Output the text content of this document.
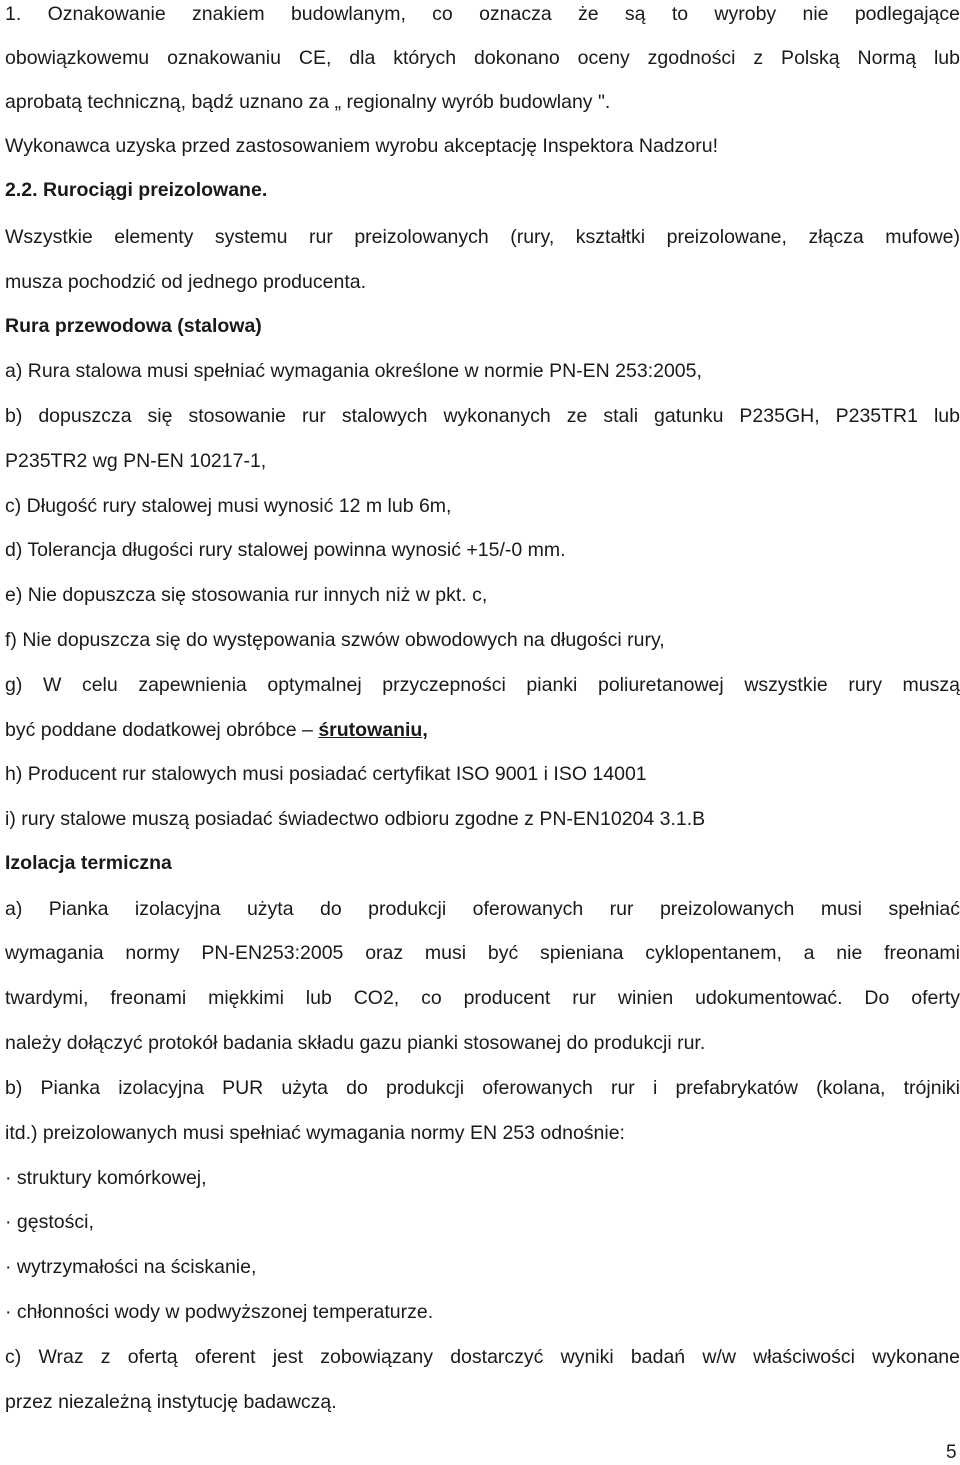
1. Oznakowanie znakiem budowlanym, co oznacza że są to wyroby nie podlegające
obowiązkowemu oznakowaniu CE, dla których dokonano oceny zgodności z Polską Normą lub
aprobatą techniczną, bądź uznano za „ regionalny wyrób budowlany ".
Wykonawca uzyska przed zastosowaniem wyrobu akceptację Inspektora Nadzoru!
2.2. Rurociągi preizolowane.
Wszystkie elementy systemu rur preizolowanych (rury, kształtki preizolowane, złącza mufowe)
musza pochodzić od jednego producenta.
Rura przewodowa (stalowa)
a) Rura stalowa musi spełniać wymagania określone w normie PN-EN 253:2005,
b) dopuszcza się stosowanie rur stalowych wykonanych ze stali gatunku P235GH, P235TR1 lub
P235TR2 wg PN-EN 10217-1,
c) Długość rury stalowej musi wynosić 12 m lub 6m,
d) Tolerancja długości rury stalowej powinna wynosić +15/-0 mm.
e) Nie dopuszcza się stosowania rur innych niż w pkt. c,
f) Nie dopuszcza się do występowania szwów obwodowych na długości rury,
g) W celu zapewnienia optymalnej przyczepności pianki poliuretanowej wszystkie rury muszą
być poddane dodatkowej obróbce – śrutowaniu,
h) Producent rur stalowych musi posiadać certyfikat ISO 9001 i ISO 14001
i) rury stalowe muszą posiadać świadectwo odbioru zgodne z PN-EN10204 3.1.B
Izolacja termiczna
a) Pianka izolacyjna użyta do produkcji oferowanych rur preizolowanych musi spełniać
wymagania normy PN-EN253:2005 oraz musi być spieniana cyklopentanem, a nie freonami
twardymi, freonami miękkimi lub CO2, co producent rur winien udokumentować. Do oferty
należy dołączyć protokół badania składu gazu pianki stosowanej do produkcji rur.
b) Pianka izolacyjna PUR użyta do produkcji oferowanych rur i prefabrykatów (kolana, trójniki
itd.) preizolowanych musi spełniać wymagania normy EN 253 odnośnie:
· struktury komórkowej,
· gęstości,
· wytrzymałości na ściskanie,
· chłonności wody w podwyższonej temperaturze.
c) Wraz z ofertą oferent jest zobowiązany dostarczyć wyniki badań w/w właściwości wykonane
przez niezależną instytucję badawczą.
5
